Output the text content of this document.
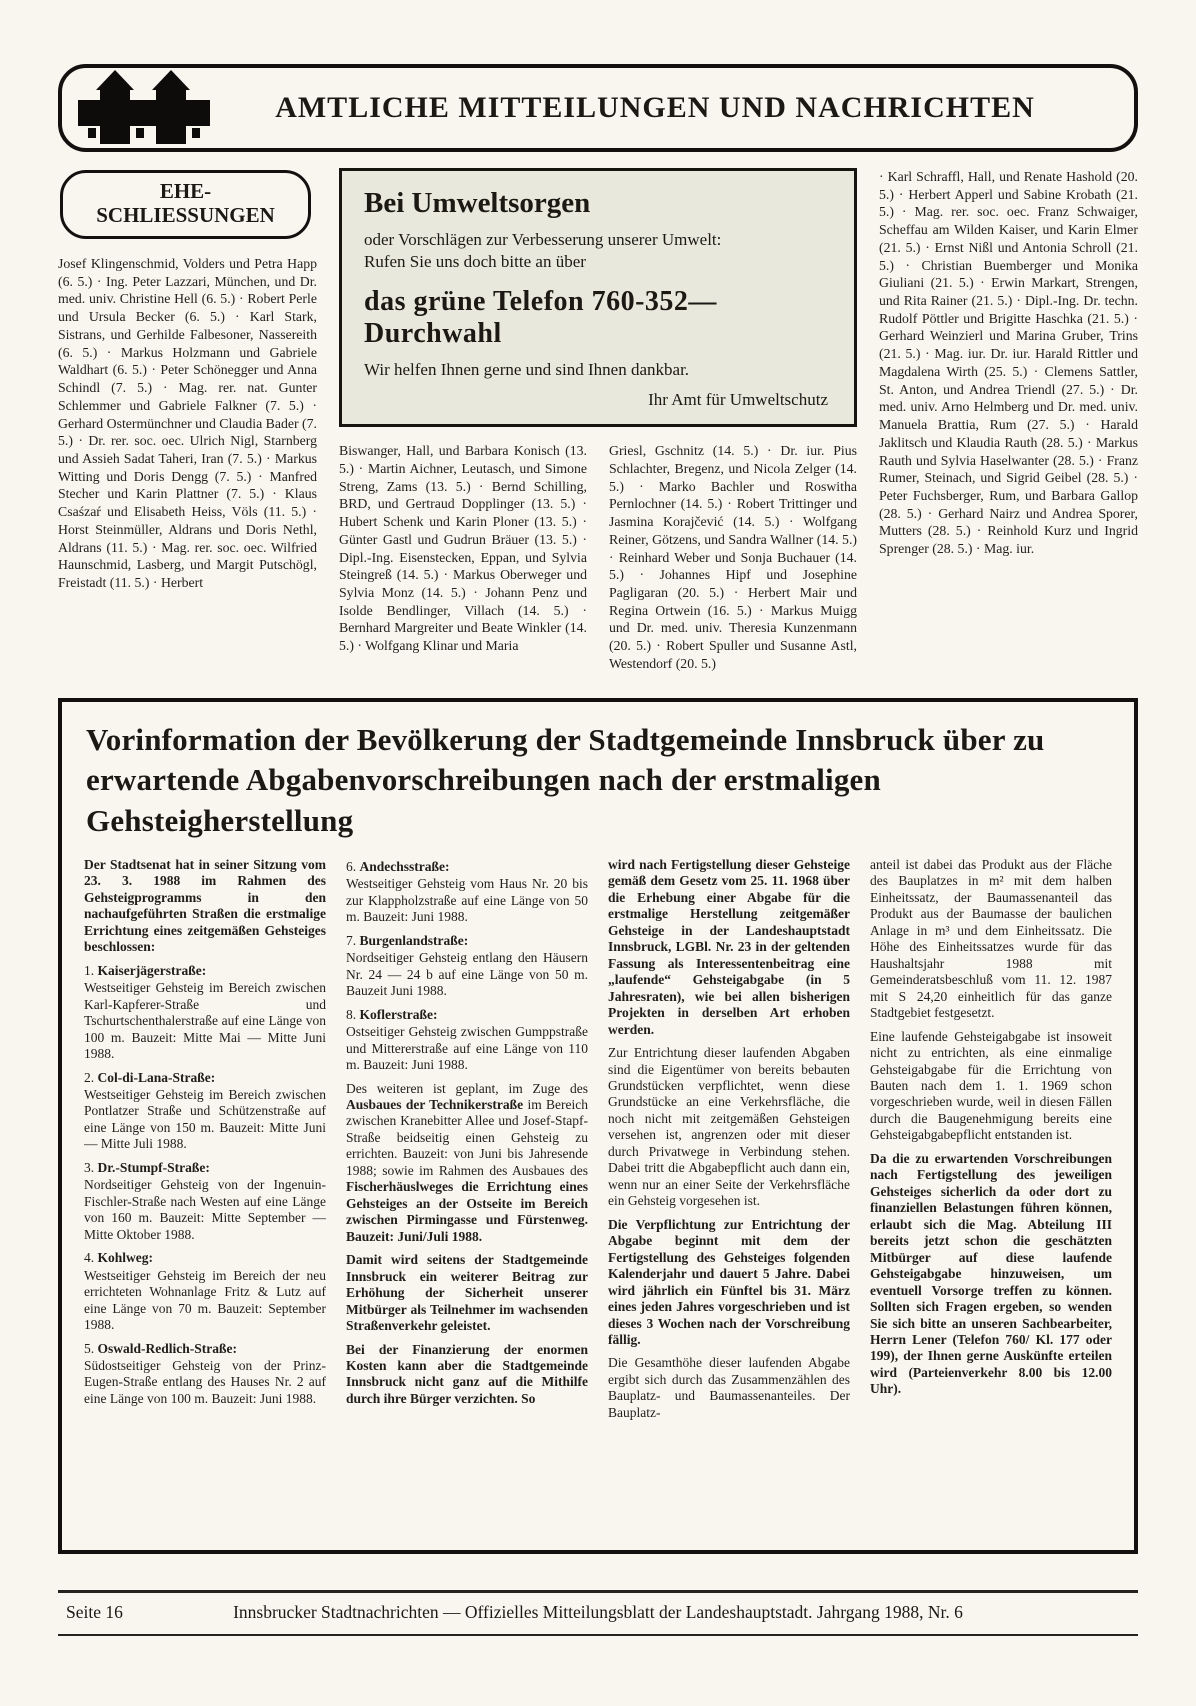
AMTLICHE MITTEILUNGEN UND NACHRICHTEN
EHE-
SCHLIESSUNGEN

Josef Klingenschmid, Volders und Petra Happ (6. 5.) · Ing. Peter Lazzari, München, und Dr. med. univ. Christine Hell (6. 5.) · Robert Perle und Ursula Becker (6. 5.) · Karl Stark, Sistrans, und Gerhilde Falbesoner, Nassereith (6. 5.) · Markus Holzmann und Gabriele Waldhart (6. 5.) · Peter Schönegger und Anna Schindl (7. 5.) · Mag. rer. nat. Gunter Schlemmer und Gabriele Falkner (7. 5.) · Gerhard Ostermünchner und Claudia Bader (7. 5.) · Dr. rer. soc. oec. Ulrich Nigl, Starnberg und Assieh Sadat Taheri, Iran (7. 5.) · Markus Witting und Doris Dengg (7. 5.) · Manfred Stecher und Karin Plattner (7. 5.) · Klaus Csaśzaŕ und Elisabeth Heiss, Völs (11. 5.) · Horst Steinmüller, Aldrans und Doris Nethl, Aldrans (11. 5.) · Mag. rer. soc. oec. Wilfried Haunschmid, Lasberg, und Margit Putschögl, Freistadt (11. 5.) · Herbert

Bei Umweltsorgen
oder Vorschlägen zur Verbesserung unserer Umwelt:
Rufen Sie uns doch bitte an über
das grüne Telefon 760-352—Durchwahl
Wir helfen Ihnen gerne und sind Ihnen dankbar.
Ihr Amt für Umweltschutz

Biswanger, Hall, und Barbara Konisch (13. 5.) · Martin Aichner, Leutasch, und Simone Streng, Zams (13. 5.) · Bernd Schilling, BRD, und Gertraud Dopplinger (13. 5.) · Hubert Schenk und Karin Ploner (13. 5.) · Günter Gastl und Gudrun Bräuer (13. 5.) · Dipl.-Ing. Eisenstecken, Eppan, und Sylvia Steingreß (14. 5.) · Markus Oberweger und Sylvia Monz (14. 5.) · Johann Penz und Isolde Bendlinger, Villach (14. 5.) · Bernhard Margreiter und Beate Winkler (14. 5.) · Wolfgang Klinar und Maria

Griesl, Gschnitz (14. 5.) · Dr. iur. Pius Schlachter, Bregenz, und Nicola Zelger (14. 5.) · Marko Bachler und Roswitha Pernlochner (14. 5.) · Robert Trittinger und Jasmina Korajčević (14. 5.) · Wolfgang Reiner, Götzens, und Sandra Wallner (14. 5.) · Reinhard Weber und Sonja Buchauer (14. 5.) · Johannes Hipf und Josephine Pagligaran (20. 5.) · Herbert Mair und Regina Ortwein (16. 5.) · Markus Muigg und Dr. med. univ. Theresia Kunzenmann (20. 5.) · Robert Spuller und Susanne Astl, Westendorf (20. 5.)

· Karl Schraffl, Hall, und Renate Hashold (20. 5.) · Herbert Apperl und Sabine Krobath (21. 5.) · Mag. rer. soc. oec. Franz Schwaiger, Scheffau am Wilden Kaiser, und Karin Elmer (21. 5.) · Ernst Nißl und Antonia Schroll (21. 5.) · Christian Buemberger und Monika Giuliani (21. 5.) · Erwin Markart, Strengen, und Rita Rainer (21. 5.) · Dipl.-Ing. Dr. techn. Rudolf Pöttler und Brigitte Haschka (21. 5.) · Gerhard Weinzierl und Marina Gruber, Trins (21. 5.) · Mag. iur. Dr. iur. Harald Rittler und Magdalena Wirth (25. 5.) · Clemens Sattler, St. Anton, und Andrea Triendl (27. 5.) · Dr. med. univ. Arno Helmberg und Dr. med. univ. Manuela Brattia, Rum (27. 5.) · Harald Jaklitsch und Klaudia Rauth (28. 5.) · Markus Rauth und Sylvia Haselwanter (28. 5.) · Franz Rumer, Steinach, und Sigrid Geibel (28. 5.) · Peter Fuchsberger, Rum, und Barbara Gallop (28. 5.) · Gerhard Nairz und Andrea Sporer, Mutters (28. 5.) · Reinhold Kurz und Ingrid Sprenger (28. 5.) · Mag. iur.

Vorinformation der Bevölkerung der Stadtgemeinde Innsbruck über zu erwartende Abgabenvorschreibungen nach der erstmaligen Gehsteigherstellung

Der Stadtsenat hat in seiner Sitzung vom 23. 3. 1988 im Rahmen des Gehsteigprogramms in den nachaufgeführten Straßen die erstmalige Errichtung eines zeitgemäßen Gehsteiges beschlossen:

1. Kaiserjägerstraße:

Westseitiger Gehsteig im Bereich zwischen Karl-Kapferer-Straße und Tschurtschenthalerstraße auf eine Länge von 100 m. Bauzeit: Mitte Mai — Mitte Juni 1988.

2. Col-di-Lana-Straße:

Westseitiger Gehsteig im Bereich zwischen Pontlatzer Straße und Schützenstraße auf eine Länge von 150 m. Bauzeit: Mitte Juni — Mitte Juli 1988.

3. Dr.-Stumpf-Straße:

Nordseitiger Gehsteig von der Ingenuin-Fischler-Straße nach Westen auf eine Länge von 160 m. Bauzeit: Mitte September — Mitte Oktober 1988.

4. Kohlweg:

Westseitiger Gehsteig im Bereich der neu errichteten Wohnanlage Fritz & Lutz auf eine Länge von 70 m. Bauzeit: September 1988.

5. Oswald-Redlich-Straße:

Südostseitiger Gehsteig von der Prinz-Eugen-Straße entlang des Hauses Nr. 2 auf eine Länge von 100 m. Bauzeit: Juni 1988.

6. Andechsstraße:

Westseitiger Gehsteig vom Haus Nr. 20 bis zur Klappholzstraße auf eine Länge von 50 m. Bauzeit: Juni 1988.

7. Burgenlandstraße:

Nordseitiger Gehsteig entlang den Häusern Nr. 24 — 24 b auf eine Länge von 50 m. Bauzeit Juni 1988.

8. Koflerstraße:

Ostseitiger Gehsteig zwischen Gumppstraße und Mittererstraße auf eine Länge von 110 m. Bauzeit: Juni 1988.

Des weiteren ist geplant, im Zuge des Ausbaues der Technikerstraße im Bereich zwischen Kranebitter Allee und Josef-Stapf-Straße beidseitig einen Gehsteig zu errichten. Bauzeit: von Juni bis Jahresende 1988; sowie im Rahmen des Ausbaues des Fischerhäuslweges die Errichtung eines Gehsteiges an der Ostseite im Bereich zwischen Pirmingasse und Fürstenweg. Bauzeit: Juni/Juli 1988.

Damit wird seitens der Stadtgemeinde Innsbruck ein weiterer Beitrag zur Erhöhung der Sicherheit unserer Mitbürger als Teilnehmer im wachsenden Straßenverkehr geleistet.

Bei der Finanzierung der enormen Kosten kann aber die Stadtgemeinde Innsbruck nicht ganz auf die Mithilfe durch ihre Bürger verzichten. So

wird nach Fertigstellung dieser Gehsteige gemäß dem Gesetz vom 25. 11. 1968 über die Erhebung einer Abgabe für die erstmalige Herstellung zeitgemäßer Gehsteige in der Landeshauptstadt Innsbruck, LGBl. Nr. 23 in der geltenden Fassung als Interessentenbeitrag eine „laufende“ Gehsteigabgabe (in 5 Jahresraten), wie bei allen bisherigen Projekten in derselben Art erhoben werden.

Zur Entrichtung dieser laufenden Abgaben sind die Eigentümer von bereits bebauten Grundstücken verpflichtet, wenn diese Grundstücke an eine Verkehrsfläche, die noch nicht mit zeitgemäßen Gehsteigen versehen ist, angrenzen oder mit dieser durch Privatwege in Verbindung stehen. Dabei tritt die Abgabepflicht auch dann ein, wenn nur an einer Seite der Verkehrsfläche ein Gehsteig vorgesehen ist.

Die Verpflichtung zur Entrichtung der Abgabe beginnt mit dem der Fertigstellung des Gehsteiges folgenden Kalenderjahr und dauert 5 Jahre. Dabei wird jährlich ein Fünftel bis 31. März eines jeden Jahres vorgeschrieben und ist dieses 3 Wochen nach der Vorschreibung fällig.

Die Gesamthöhe dieser laufenden Abgabe ergibt sich durch das Zusammenzählen des Bauplatz- und Baumassenanteiles. Der Bauplatz-

anteil ist dabei das Produkt aus der Fläche des Bauplatzes in m² mit dem halben Einheitssatz, der Baumassenanteil das Produkt aus der Baumasse der baulichen Anlage in m³ und dem Einheitssatz. Die Höhe des Einheitssatzes wurde für das Haushaltsjahr 1988 mit Gemeinderatsbeschluß vom 11. 12. 1987 mit S 24,20 einheitlich für das ganze Stadtgebiet festgesetzt.

Eine laufende Gehsteigabgabe ist insoweit nicht zu entrichten, als eine einmalige Gehsteigabgabe für die Errichtung von Bauten nach dem 1. 1. 1969 schon vorgeschrieben wurde, weil in diesen Fällen durch die Baugenehmigung bereits eine Gehsteigabgabepflicht entstanden ist.

Da die zu erwartenden Vorschreibungen nach Fertigstellung des jeweiligen Gehsteiges sicherlich da oder dort zu finanziellen Belastungen führen können, erlaubt sich die Mag. Abteilung III bereits jetzt schon die geschätzten Mitbürger auf diese laufende Gehsteigabgabe hinzuweisen, um eventuell Vorsorge treffen zu können. Sollten sich Fragen ergeben, so wenden Sie sich bitte an unseren Sachbearbeiter, Herrn Lener (Telefon 760/ Kl. 177 oder 199), der Ihnen gerne Auskünfte erteilen wird (Parteienverkehr 8.00 bis 12.00 Uhr).

Seite 16	Innsbrucker Stadtnachrichten — Offizielles Mitteilungsblatt der Landeshauptstadt. Jahrgang 1988, Nr. 6
